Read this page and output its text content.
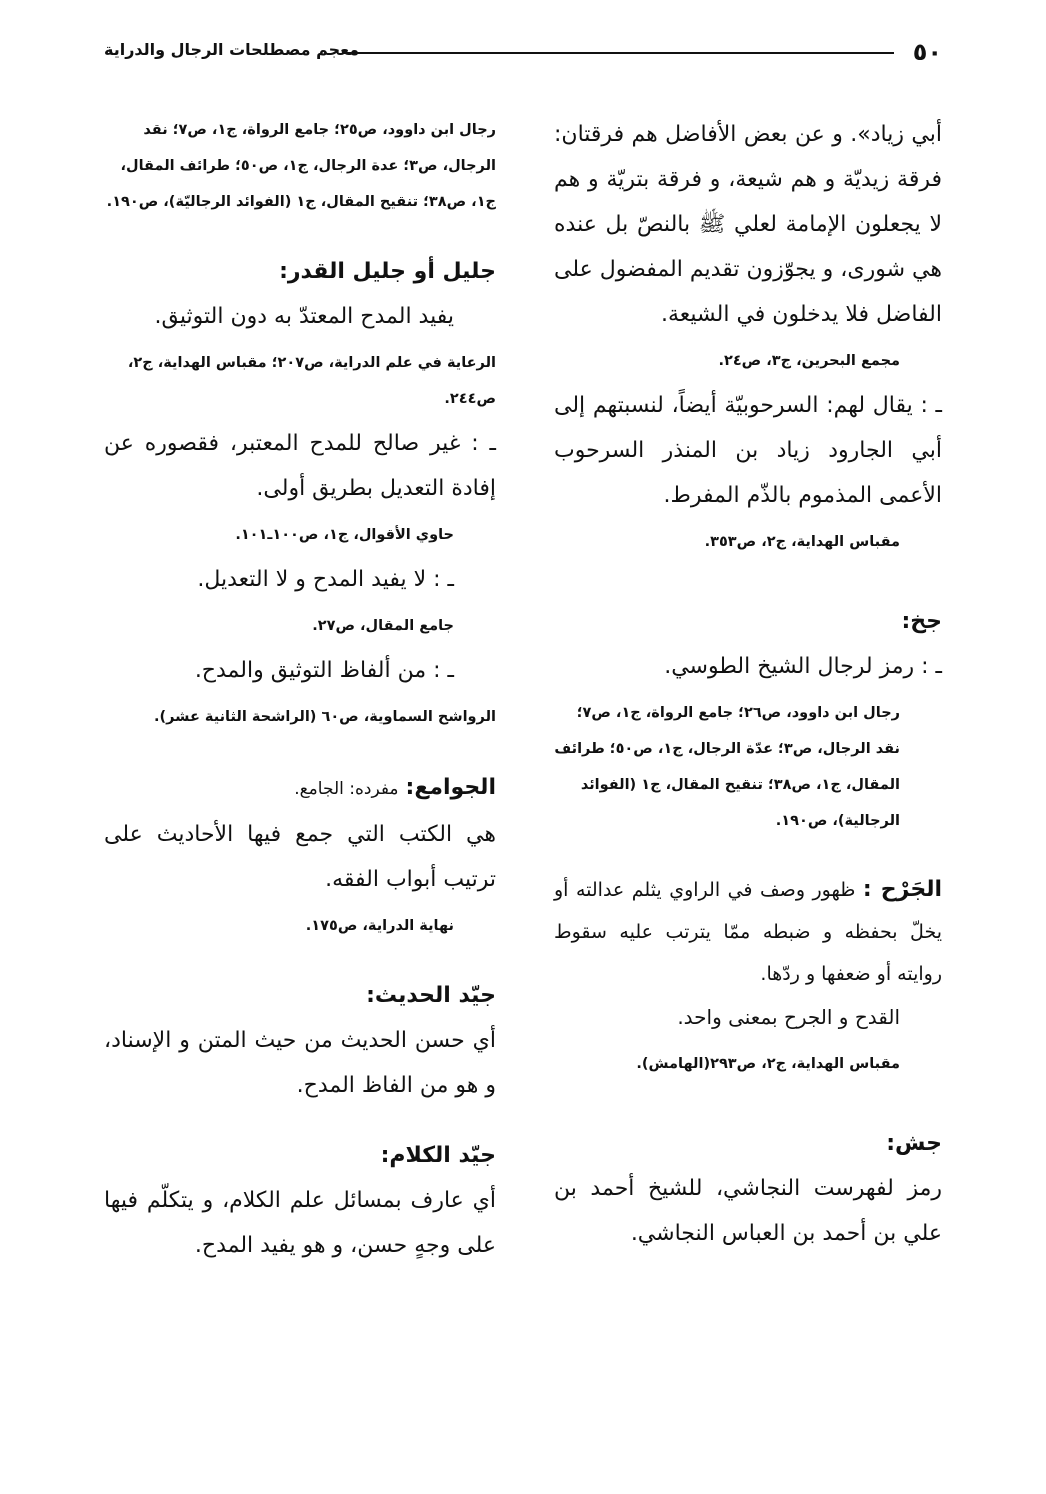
٥٠
معجم مصطلحات الرجال والدراية

أبي زياد». و عن بعض الأفاضل هم فرقتان: فرقة زيديّة و هم شيعة، و فرقة بتريّة و هم لا يجعلون الإمامة لعلي ﷺ بالنصّ بل عنده هي شورى، و يجوّزون تقديم المفضول على الفاضل فلا يدخلون في الشيعة.

مجمع البحرين، ج٣، ص٢٤.

ـ : يقال لهم: السرحوبيّة أيضاً، لنسبتهم إلى أبي الجارود زياد بن المنذر السرحوب الأعمى المذموم بالذّم المفرط.

مقباس الهداية، ج٢، ص٣٥٣.

جخ:

ـ : رمز لرجال الشيخ الطوسي.

رجال ابن داوود، ص٢٦؛ جامع الرواة، ج١، ص٧؛ نقد الرجال، ص٣؛ عدّة الرجال، ج١، ص٥٠؛ طرائف المقال، ج١، ص٣٨؛ تنقيح المقال، ج١ (الفوائد الرجالية)، ص١٩٠.

الجَرْح : ظهور وصف في الراوي يثلم عدالته أو يخلّ بحفظه و ضبطه ممّا يترتب عليه سقوط روايته أو ضعفها و ردّها.

القدح و الجرح بمعنى واحد.

مقباس الهداية، ج٢، ص٢٩٣(الهامش).

جش:

رمز لفهرست النجاشي، للشيخ أحمد بن علي بن أحمد بن العباس النجاشي.

رجال ابن داوود، ص٢٥؛ جامع الرواة، ج١، ص٧؛ نقد الرجال، ص٣؛ عدة الرجال، ج١، ص٥٠؛ طرائف المقال، ج١، ص٣٨؛ تنقيح المقال، ج١ (الفوائد الرجاليّة)، ص١٩٠.

جليل أو جليل القدر:

يفيد المدح المعتدّ به دون التوثيق.

الرعاية في علم الدراية، ص٢٠٧؛ مقباس الهداية، ج٢، ص٢٤٤.

ـ : غير صالح للمدح المعتبر، فقصوره عن إفادة التعديل بطريق أولى.

حاوي الأقوال، ج١، ص١٠٠ـ١٠١.

ـ : لا يفيد المدح و لا التعديل.

جامع المقال، ص٢٧.

ـ : من ألفاظ التوثيق والمدح.

الرواشح السماوية، ص٦٠ (الراشحة الثانية عشر).

الجوامع: مفرده: الجامع.

هي الكتب التي جمع فيها الأحاديث على ترتيب أبواب الفقه.

نهاية الدراية، ص١٧٥.

جيّد الحديث:

أي حسن الحديث من حيث المتن و الإسناد، و هو من الفاظ المدح.

جيّد الكلام:

أي عارف بمسائل علم الكلام، و يتكلّم فيها على وجهٍ حسن، و هو يفيد المدح.
